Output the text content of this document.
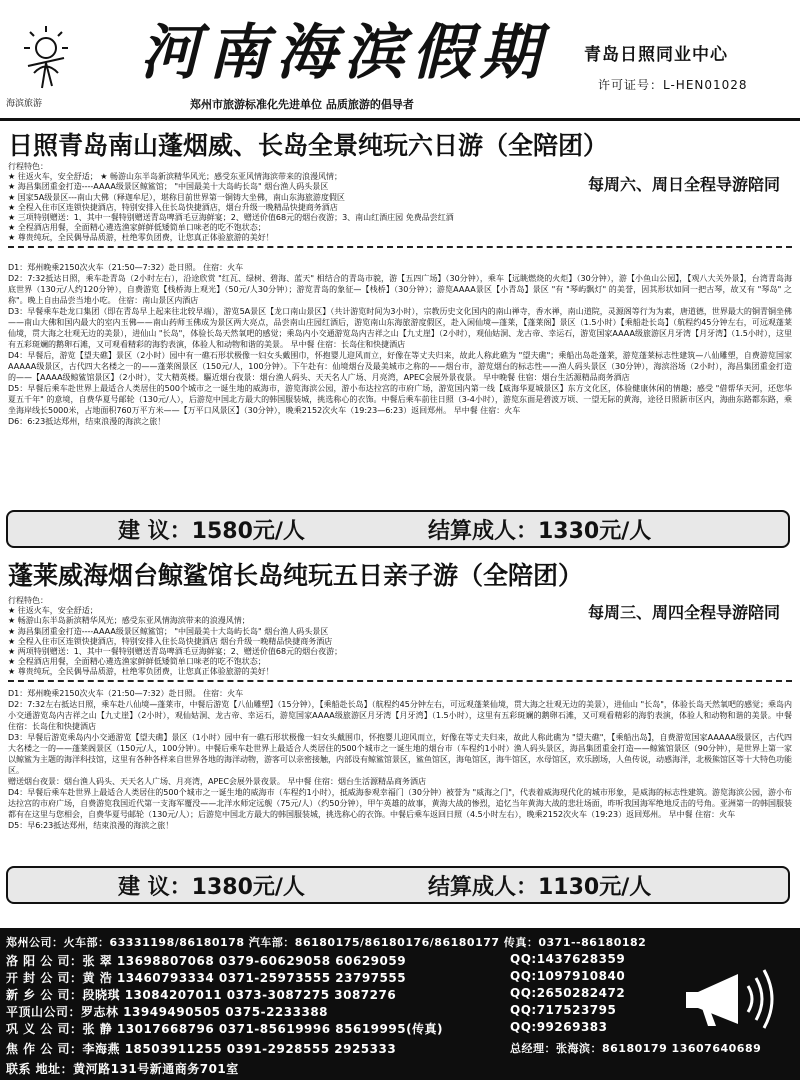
海滨旅游
河南海滨假期
郑州市旅游标准化先进单位 品质旅游的倡导者
青岛日照同业中心
许可证号：L-HEN01028
日照青岛南山蓬烟威、长岛全景纯玩六日游（全陪团）
每周六、周日全程导游陪同
行程特色：
★ 往返火车，安全舒适； ★ 畅游山东半岛新滨精华风光；感受东亚风情海滨带来的浪漫风情；
★ 海昌集团重金打造----AAAA级景区鲸鲨馆； "中国最美十大岛屿长岛" 烟台渔人码头景区
★ 国家5A级景区---南山大佛（释迦牟尼），堪称目前世界第一铜铸大坐佛，南山东海旅游度假区
★ 全程入住市区连锁快捷酒店，特别安排入住长岛快捷酒店，烟台升级一晚精品快捷商务酒店
★ 三项特别赠送：1、其中一餐特别赠送青岛啤酒毛豆海鲜宴；2、赠送价值68元的烟台夜游；3、南山红酒庄园 免费品尝红酒
★ 全程酒店用餐，全面精心遴选渔家鲜鲜低矮简单口味老的吃不饱状态；
★ 尊贵纯玩，全民偶导品质游，杜绝零负团费，让您真正体验旅游的美好！
D1：郑州晚乘2150次火车（21:50—7:32）赴日照。 住宿：火车
D2：7:32抵达日照，乘车赴青岛（2小时左右），沿途欣赏 "红瓦、绿树、碧海、蓝天" 相结合的青岛市貌，游【五四广场】（30分钟），乘车【远眺燃烧的火炬】（30分钟），游【小鱼山公园】，【观八大关外景】，台湾青岛海底世界（130元/人约120分钟），自费游览【栈桥海上观光】（50元/人30分钟）；游览青岛的象征—【栈桥】（30分钟）；游览AAAA景区【小青岛】景区 "有 "琴屿飘灯" 的美誉，因其形状如同一把古琴，故又有 "琴岛" 之称"。晚上自由品尝当地小吃。 住宿：南山景区内酒店
D3：早餐乘车赴龙口集团（即在青岛早上起来往北较早端），游览5A景区【龙口南山景区】（共计游览时间为3小时），宗教历史文化国内的南山禅寺，香水禅，南山道院，灵源阁等行为为素，唐道德，世界最大的铜青铜坐佛——南山大佛和国内最大的室内玉佛——南山药师玉佛成为景区两大亮点，品尝南山庄园红酒后，游览南山东海旅游度假区，赴入闲仙境—蓬莱，【蓬莱阁】景区（1.5小时）【乘船赴长岛】（航程约45分钟左右，可远观蓬莱仙境，贯大海之壮观无边的美景），进仙山 "长岛"，体验长岛天然氧吧的感觉；乘岛内小交通游览岛内吉祥之山【九丈崖】（2小时），观仙姑洞、龙古帝、幸运石，游览国家AAAA级旅游区月牙湾【月牙湾】（1.5小时），这里有五彩斑斓的鹅卵石滩，又可观看精彩的海豹表演，体验人和动物和谐的美景。 早中餐 住宿：长岛住和快捷酒店
D4：早餐后，游览【望夫礁】景区（2小时）园中有一礁石形状极像一妇女头戴围巾，怀抱婴儿迎风而立，好像在等丈夫归来，故此人称此礁为 "望夫礁"；乘船出岛赴蓬莱，游览蓬莱标志性建筑—八仙雕塑，自费游览国家AAAAA级景区，古代四大名楼之一的——蓬莱阁景区（150元/人，100分钟）。下午赴有：仙境烟台及最美城市之称的——烟台市，游览烟台的标志性——渔人码头景区（30分钟），海滨浴场（2小时），海昌集团重金打造的——【AAAA级鲸鲨馆景区】（2小时），艾大精英楼。驅近烟台夜景：烟台渔人码头、天天名人广场、月亮湾，APEC会展外景夜景。 早中晚餐 住宿：烟台生活源精品商务酒店
D5：早餐后乘车赴世界上最适合人类居住的500个城市之一诞生地的威海市，游览海滨公园，游小布达拉宫的市府广场，游览国内第一线【威海华夏城景区】东方文化区，体验健康休闲的情趣；感受 "借帮华天河，还您华夏五千年" 的意境，自费华夏号邮轮（130元/人），后游览中国北方最大的韩国服装城，挑选称心的衣饰。中餐后乘车前往日照（3-4小时），游览东面是碧波万顷、一望无际的黄海，途径日照新市区内，海曲东路都东路，乘坐海岸线长5000米，占地面积760万平方米——【万平口风景区】（30分钟），晚乘2152次火车（19:23—6:23）返回郑州。 早中餐 住宿：火车
D6：6:23抵达郑州，结束浪漫的海滨之旅！
建 议：1580元/人	结算成人：1330元/人
蓬莱威海烟台鲸鲨馆长岛纯玩五日亲子游（全陪团）
每周三、周四全程导游陪同
行程特色：
★ 往返火车，安全舒适；
★ 畅游山东半岛新滨精华风光；感受东亚风情海滨带来的浪漫风情；
★ 海昌集团重金打造----AAAA级景区鲸鲨馆； "中国最美十大岛屿长岛" 烟台渔人码头景区
★ 全程入住市区连锁快捷酒店，特别安排入住长岛快捷酒店 烟台升级一晚精品快捷商务酒店
★ 两项特别赠送：1、其中一餐特别赠送青岛啤酒毛豆海鲜宴；2、赠送价值68元的烟台夜游；
★ 全程酒店用餐，全面精心遴选渔家鲜鲜低矮简单口味老的吃不饱状态；
★ 尊贵纯玩，全民偶导品质游，杜绝零负团费，让您真正体验旅游的美好！
D1：郑州晚乘2150次火车（21:50—7:32）赴日照。 住宿：火车
D2：7:32左右抵达日照，乘车赴八仙境—蓬莱市，中餐后游览【八仙雕塑】（15分钟），【乘船赴长岛】（航程约45分钟左右，可远观蓬莱仙境，贯大海之壮观无边的美景），进仙山 "长岛"，体验长岛天然氧吧的感觉；乘岛内小交通游览岛内吉祥之山【九丈崖】（2小时），观仙姑洞、龙古帝、幸运石，游览国家AAAA级旅游区月牙湾【月牙湾】（1.5小时），这里有五彩斑斓的鹅卵石滩，又可观看精彩的海豹表演，体验人和动物和谐的美景。中餐 住宿：长岛住和快捷酒店
D3：早餐后游览乘岛内小交通游览【望夫礁】景区（1小时）园中有一礁石形状极像一妇女头戴围巾，怀抱婴儿迎风而立，好像在等丈夫归来，故此人称此礁为 "望夫礁"，【乘船出岛】，自费游览国家AAAAA级景区，古代四大名楼之一的——蓬莱阁景区（150元/人，100分钟）。中餐后乘车赴世界上最适合人类居住的500个城市之一诞生地的烟台市（车程约1小时）渔人码头景区，海昌集团重金打造——鲸鲨馆景区（90分钟），是世界上第一家以鲸鲨为主题的海洋科技馆，这里有各种各样来自世界各地的海洋动物，游客可以亲密接触，内部设有鲸鲨馆景区，鲨鱼馆区，海龟馆区，海牛馆区，水母馆区，欢乐剧场，人鱼传说，动感海洋，北极熊馆区等十大特色功能区。
赠送烟台夜景：烟台渔人码头、天天名人广场、月亮湾，APEC会展外景夜景。 早中餐 住宿：烟台生活源精品商务酒店
D4：早餐后乘车赴世界上最适合人类居住的500个城市之一诞生地的威海市（车程约1小时），抵威海参观幸福门（30分钟）被誉为 "威海之门"，代表着威海现代化的城市形象，是威海的标志性建筑。游览海滨公园，游小布达拉宫的市府广场，自费游览我国近代第一支海军覆没——北洋水师定远舰（75元/人）（约50分钟），甲午英雄的故事，黄海大战的惨烈，追忆当年黄海大战的悲壮场面，昨听我国海军绝地反击的号角。亚洲第一的韩国服装都有在这里与您相会，自费华夏号邮轮（130元/人）；后游览中国北方最大的韩国服装城，挑选称心的衣饰。中餐后乘车返回日照（4.5小时左右），晚乘2152次火车（19:23）返回郑州。 早中餐 住宿：火车
D5：早6:23抵达郑州，结束浪漫的海滨之旅！
建 议：1380元/人	结算成人：1130元/人
郑州公司：火车部：63331198/86180178 汽车部：86180175/86180176/86180177 传真：0371--86180182
洛 阳 公 司：张 翠 13698807068 0379-60629058 60629059	QQ:1437628359
开 封 公 司：黄 浩 13460793334 0371-25973555 23797555	QQ:1097910840
新 乡 公 司：段晓琪 13084207011 0373-3087275 3087276	QQ:2650282472
平顶山公司：罗志林 13949490505 0375-2233388	QQ:717523795
巩 义 公 司：张 静 13017668796 0371-85619996 85619995(传真)	QQ:99269383
焦 作 公 司：李海燕 18503911255 0391-2928555 2925333	总经理：张海滨：86180179 13607640689
联系 地址：黄河路131号新通商务701室
